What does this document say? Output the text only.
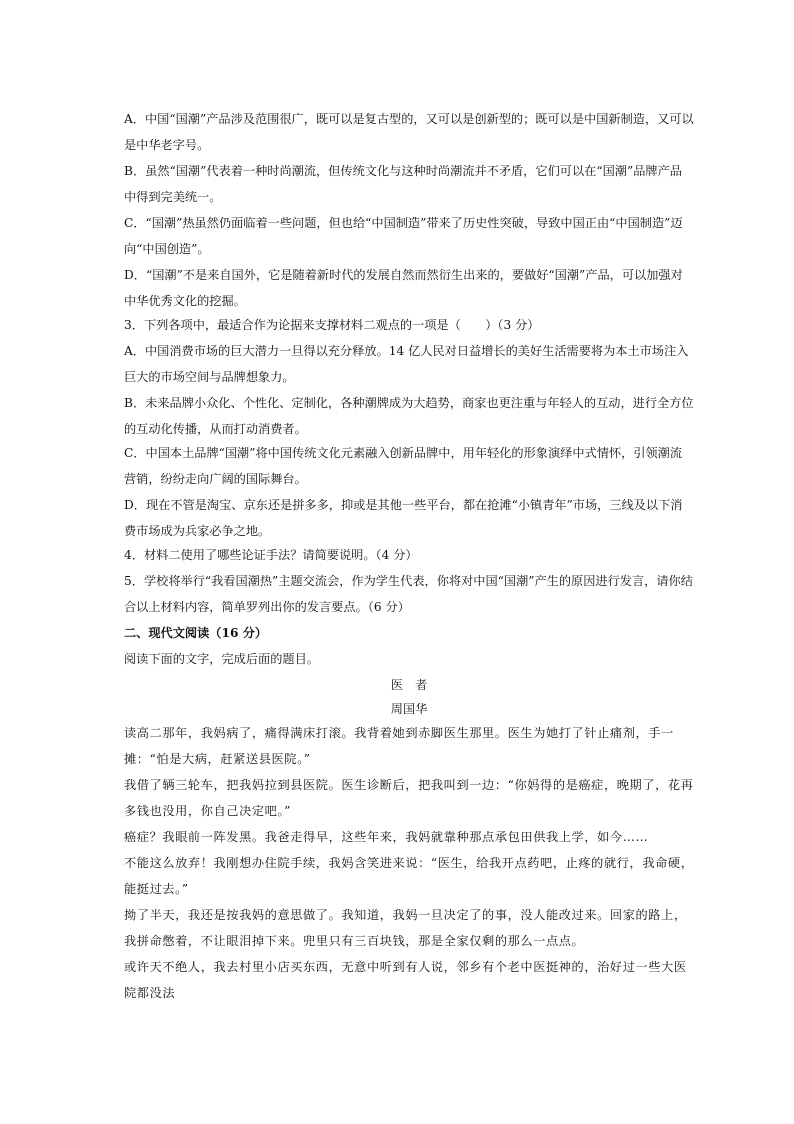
A．中国“国潮”产品涉及范围很广，既可以是复古型的，又可以是创新型的；既可以是中国新制造，又可以是中华老字号。
B．虽然“国潮”代表着一种时尚潮流，但传统文化与这种时尚潮流并不矛盾，它们可以在“国潮”品牌产品中得到完美统一。
C．“国潮”热虽然仍面临着一些问题，但也给“中国制造”带来了历史性突破，导致中国正由“中国制造”迈向“中国创造”。
D．“国潮”不是来自国外，它是随着新时代的发展自然而然衍生出来的，要做好“国潮”产品，可以加强对中华优秀文化的挖掘。
3．下列各项中，最适合作为论据来支撑材料二观点的一项是（　　）（3 分）
A．中国消费市场的巨大潜力一旦得以充分释放。14 亿人民对日益增长的美好生活需要将为本土市场注入巨大的市场空间与品牌想象力。
B．未来品牌小众化、个性化、定制化，各种潮牌成为大趋势，商家也更注重与年轻人的互动，进行全方位的互动化传播，从而打动消费者。
C．中国本土品牌“国潮”将中国传统文化元素融入创新品牌中，用年轻化的形象演绎中式情怀，引领潮流营销，纷纷走向广阔的国际舞台。
D．现在不管是淘宝、京东还是拼多多，抑或是其他一些平台，都在抢滩“小镇青年”市场，三线及以下消费市场成为兵家必争之地。
4．材料二使用了哪些论证手法？请简要说明。（4 分）
5．学校将举行“我看国潮热”主题交流会，作为学生代表，你将对中国“国潮”产生的原因进行发言，请你结合以上材料内容，简单罗列出你的发言要点。（6 分）
二、现代文阅读（16 分）
阅读下面的文字，完成后面的题目。
医　者
周国华
读高二那年，我妈病了，痛得满床打滚。我背着她到赤脚医生那里。医生为她打了针止痛剂，手一摊：“怕是大病，赶紧送县医院。”
我借了辆三轮车，把我妈拉到县医院。医生诊断后，把我叫到一边：“你妈得的是癌症，晚期了，花再多钱也没用，你自己决定吧。”
癌症？我眼前一阵发黑。我爸走得早，这些年来，我妈就靠种那点承包田供我上学，如今……
不能这么放弃！我刚想办住院手续，我妈含笑进来说：“医生，给我开点药吧，止疼的就行，我命硬，能挺过去。”
拗了半天，我还是按我妈的意思做了。我知道，我妈一旦决定了的事，没人能改过来。回家的路上，我拼命憋着，不让眼泪掉下来。兜里只有三百块钱，那是全家仅剩的那么一点点。
或许天不绝人，我去村里小店买东西，无意中听到有人说，邻乡有个老中医挺神的，治好过一些大医院都没法
